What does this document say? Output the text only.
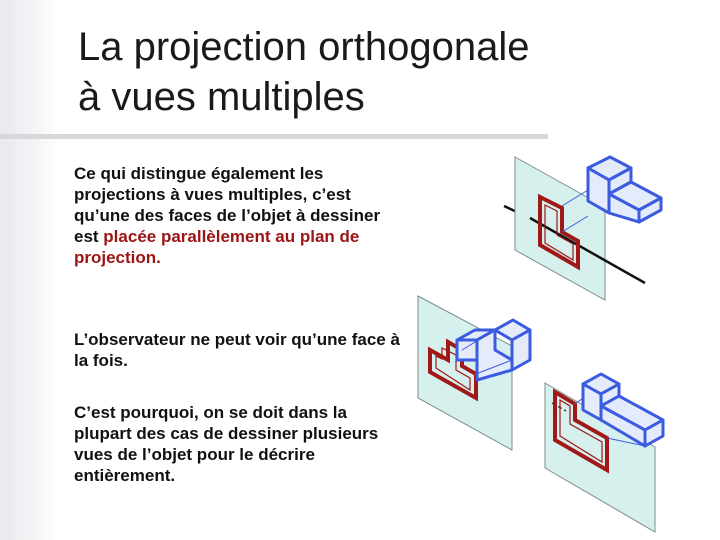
La projection orthogonale
à vues multiples
Ce qui distingue également les projections à vues multiples, c’est qu’une des faces de l’objet à dessiner est placée parallèlement au plan de projection.
L’observateur ne peut voir qu’une face à la fois.
C’est pourquoi, on se doit dans la plupart des cas de dessiner plusieurs vues de l’objet pour le décrire entièrement.
